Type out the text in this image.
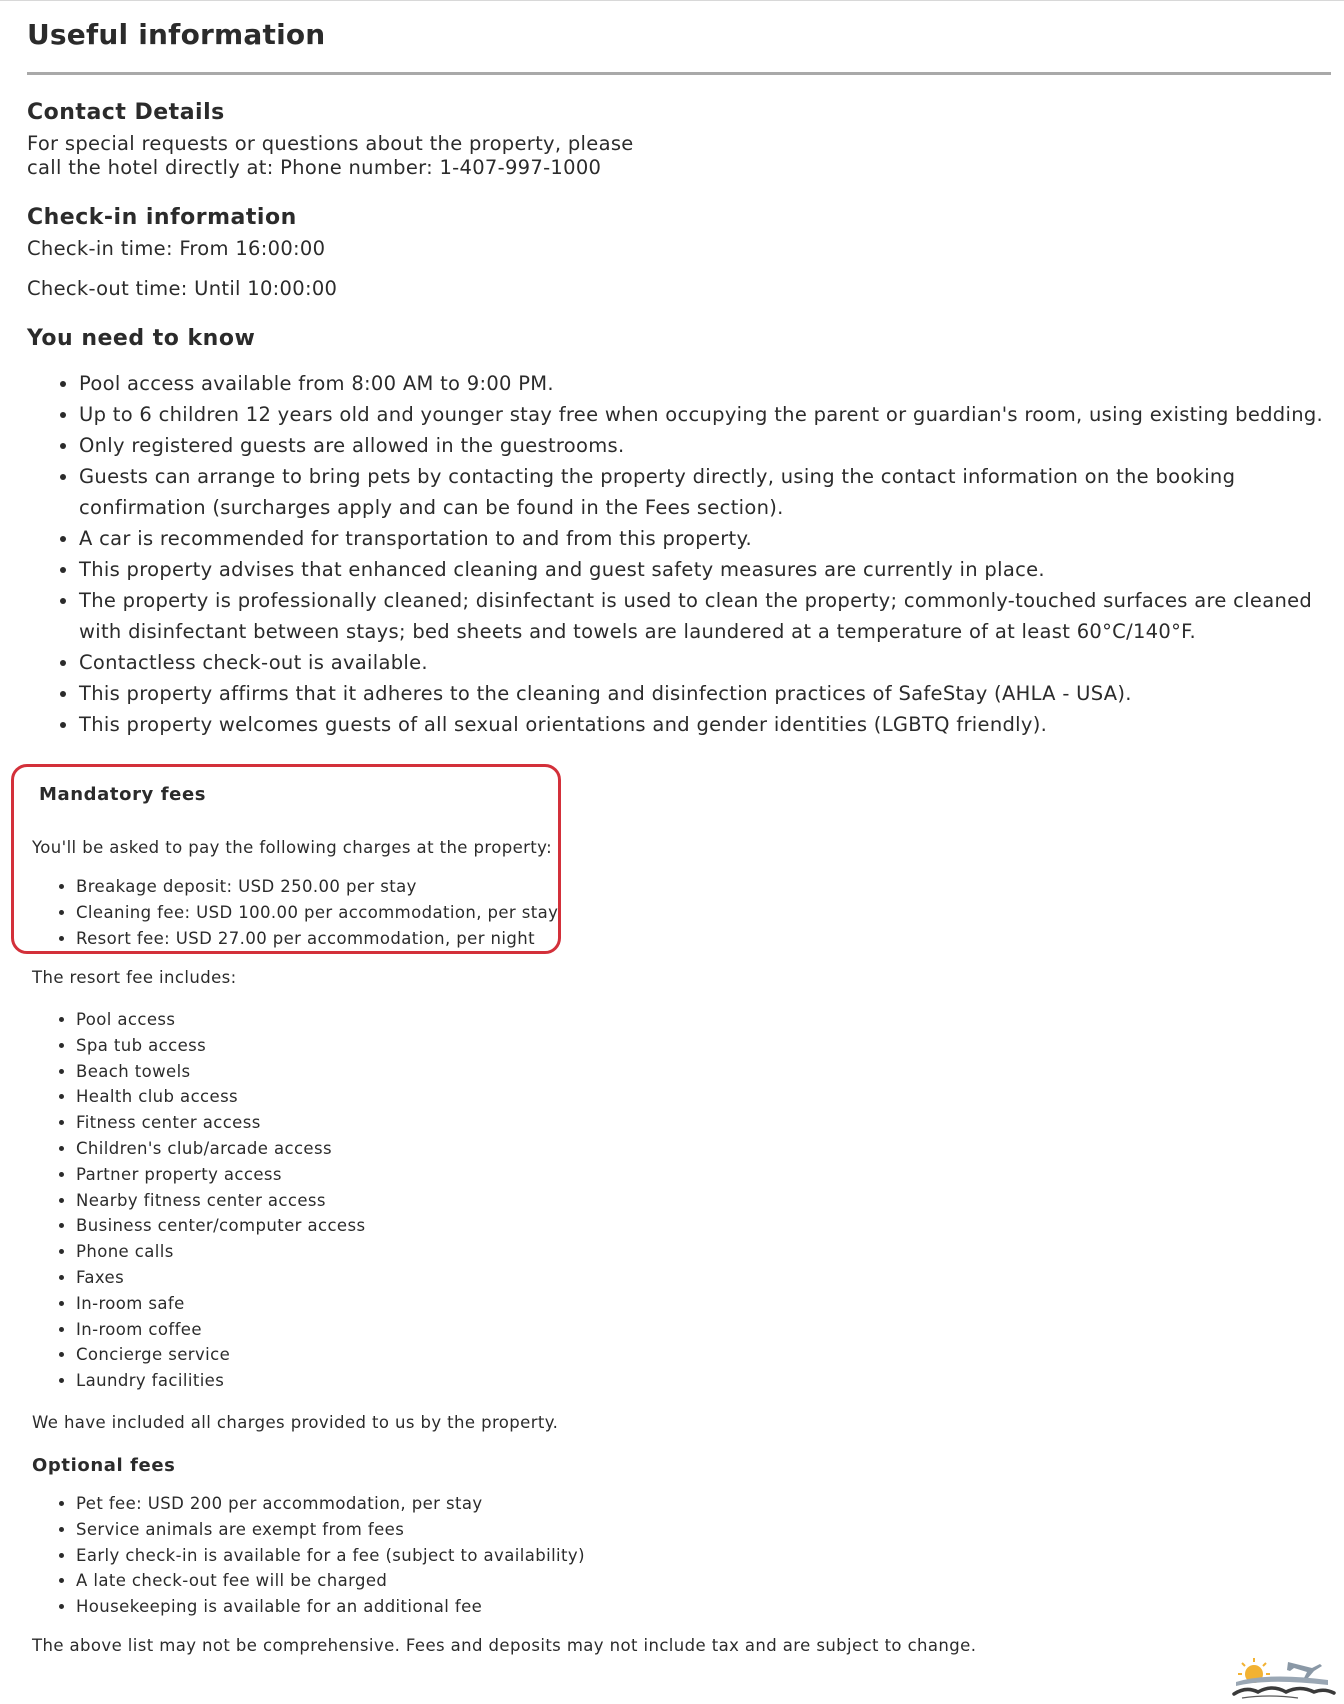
Useful information
Contact Details

For special requests or questions about the property, please

call the hotel directly at: Phone number: 1-407-997-1000

Check-in information

Check-in time: From 16:00:00

Check-out time: Until 10:00:00

You need to know
• Pool access available from 8:00 AM to 9:00 PM.
• Up to 6 children 12 years old and younger stay free when occupying the parent or guardian's room, using existing bedding.
• Only registered guests are allowed in the guestrooms.
• Guests can arrange to bring pets by contacting the property directly, using the contact information on the booking confirmation (surcharges apply and can be found in the Fees section).
• A car is recommended for transportation to and from this property.
• This property advises that enhanced cleaning and guest safety measures are currently in place.
• The property is professionally cleaned; disinfectant is used to clean the property; commonly-touched surfaces are cleaned with disinfectant between stays; bed sheets and towels are laundered at a temperature of at least 60°C/140°F.
• Contactless check-out is available.
• This property affirms that it adheres to the cleaning and disinfection practices of SafeStay (AHLA - USA).
• This property welcomes guests of all sexual orientations and gender identities (LGBTQ friendly).
Mandatory fees

You'll be asked to pay the following charges at the property:

• Breakage deposit: USD 250.00 per stay
• Cleaning fee: USD 100.00 per accommodation, per stay
• Resort fee: USD 27.00 per accommodation, per night

The resort fee includes:

• Pool access
• Spa tub access
• Beach towels
• Health club access
• Fitness center access
• Children's club/arcade access
• Partner property access
• Nearby fitness center access
• Business center/computer access
• Phone calls
• Faxes
• In-room safe
• In-room coffee
• Concierge service
• Laundry facilities

We have included all charges provided to us by the property.

Optional fees
• Pet fee: USD 200 per accommodation, per stay
• Service animals are exempt from fees
• Early check-in is available for a fee (subject to availability)
• A late check-out fee will be charged
• Housekeeping is available for an additional fee

The above list may not be comprehensive. Fees and deposits may not include tax and are subject to change.
